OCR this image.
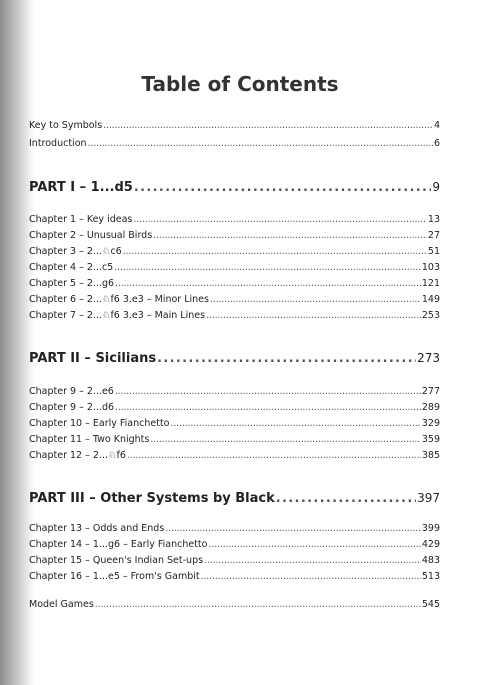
Table of Contents
Key to Symbols . . .	4
Introduction . . .	6
PART I – 1...d5 . . .	9
Chapter 1 – Key ideas . . .	13
Chapter 2 – Unusual Birds . . .	27
Chapter 3 – 2...♘c6 . . .	51
Chapter 4 – 2...c5 . . .	103
Chapter 5 – 2...g6 . . .	121
Chapter 6 – 2...♘f6 3.e3 – Minor Lines . . .	149
Chapter 7 – 2...♘f6 3.e3 – Main Lines . . .	253
PART II – Sicilians . . .	273
Chapter 9 – 2...e6 . . .	277
Chapter 9 – 2...d6 . . .	289
Chapter 10 – Early Fianchetto . . .	329
Chapter 11 – Two Knights . . .	359
Chapter 12 – 2...♘f6 . . .	385
PART III – Other Systems by Black . . .	397
Chapter 13 – Odds and Ends . . .	399
Chapter 14 – 1...g6 – Early Fianchetto . . .	429
Chapter 15 – Queen's Indian Set-ups . . .	483
Chapter 16 – 1...e5 – From's Gambit . . .	513
Model Games . . .	545
